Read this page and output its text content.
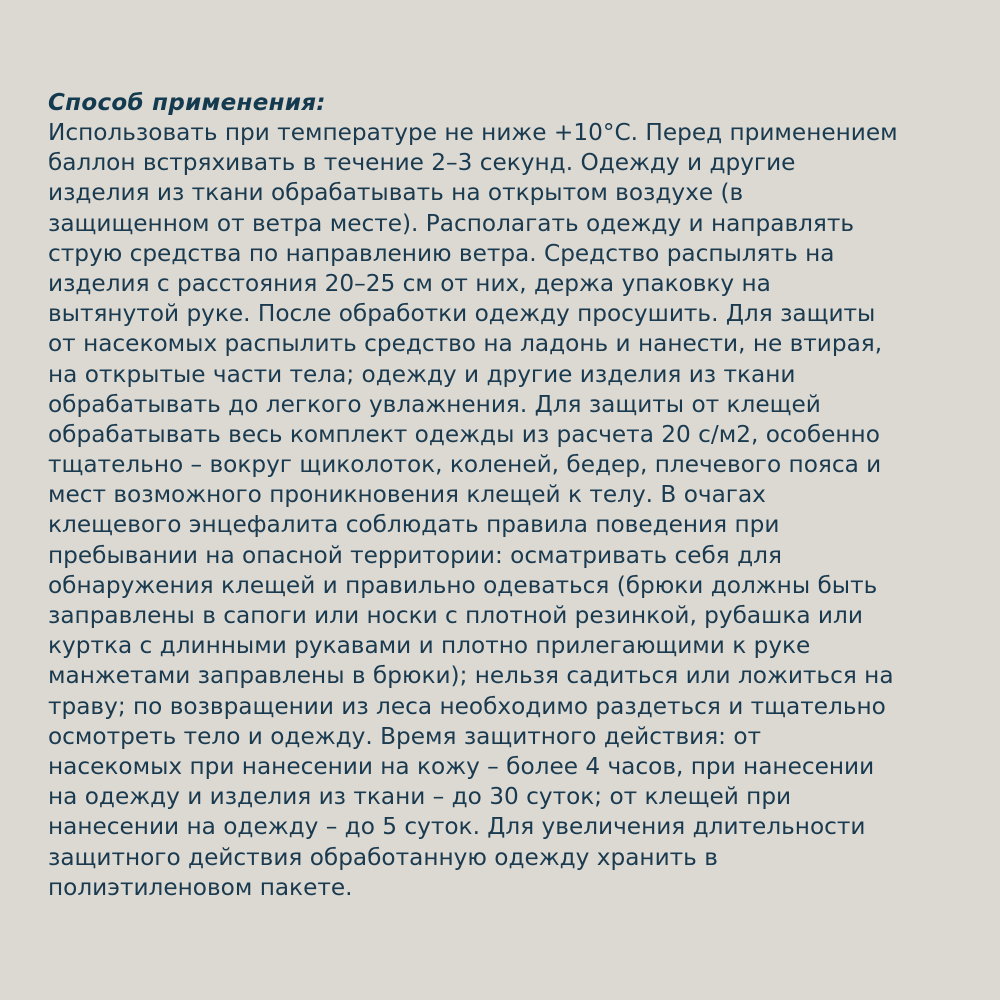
Способ применения:
Использовать при температуре не ниже +10°С. Перед применением
баллон встряхивать в течение 2–3 секунд. Одежду и другие
изделия из ткани обрабатывать на открытом воздухе (в
защищенном от ветра месте). Располагать одежду и направлять
струю средства по направлению ветра. Средство распылять на
изделия с расстояния 20–25 см от них, держа упаковку на
вытянутой руке. После обработки одежду просушить. Для защиты
от насекомых распылить средство на ладонь и нанести, не втирая,
на открытые части тела; одежду и другие изделия из ткани
обрабатывать до легкого увлажнения. Для защиты от клещей
обрабатывать весь комплект одежды из расчета 20 с/м2, особенно
тщательно – вокруг щиколоток, коленей, бедер, плечевого пояса и
мест возможного проникновения клещей к телу. В очагах
клещевого энцефалита соблюдать правила поведения при
пребывании на опасной территории: осматривать себя для
обнаружения клещей и правильно одеваться (брюки должны быть
заправлены в сапоги или носки с плотной резинкой, рубашка или
куртка с длинными рукавами и плотно прилегающими к руке
манжетами заправлены в брюки); нельзя садиться или ложиться на
траву; по возвращении из леса необходимо раздеться и тщательно
осмотреть тело и одежду. Время защитного действия: от
насекомых при нанесении на кожу – более 4 часов, при нанесении
на одежду и изделия из ткани – до 30 суток; от клещей при
нанесении на одежду – до 5 суток. Для увеличения длительности
защитного действия обработанную одежду хранить в
полиэтиленовом пакете.
